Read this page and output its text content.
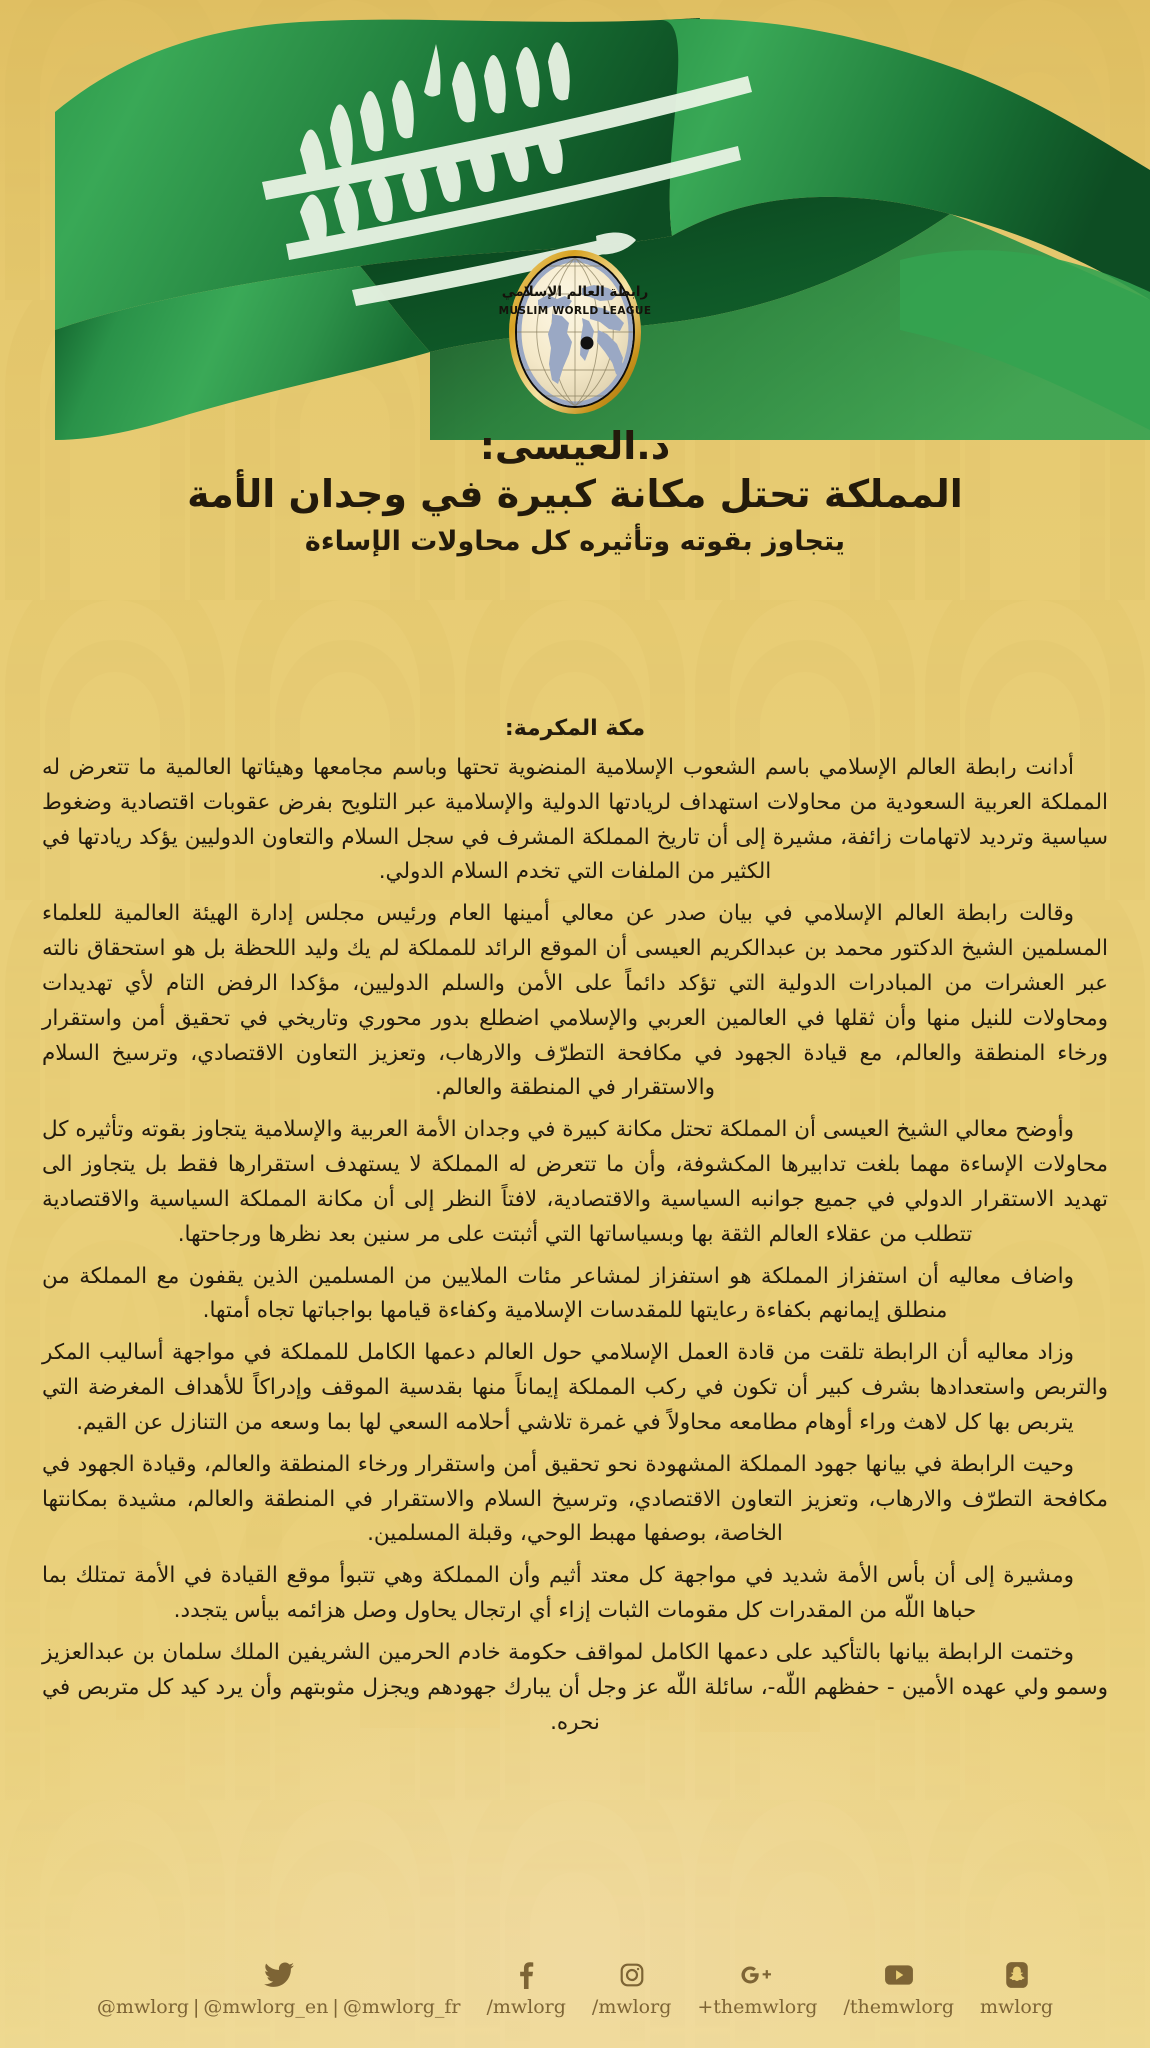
رابطة العالم الإسلامي
MUSLIM WORLD LEAGUE
د.العيسى:
المملكة تحتل مكانة كبيرة في وجدان الأمة
يتجاوز بقوته وتأثيره كل محاولات الإساءة
مكة المكرمة:

أدانت رابطة العالم الإسلامي باسم الشعوب الإسلامية المنضوية تحتها وباسم مجامعها وهيئاتها العالمية ما تتعرض له المملكة العربية السعودية من محاولات استهداف لريادتها الدولية والإسلامية عبر التلويح بفرض عقوبات اقتصادية وضغوط سياسية وترديد لاتهامات زائفة، مشيرة إلى أن تاريخ المملكة المشرف في سجل السلام والتعاون الدوليين يؤكد ريادتها في الكثير من الملفات التي تخدم السلام الدولي.

وقالت رابطة العالم الإسلامي في بيان صدر عن معالي أمينها العام ورئيس مجلس إدارة الهيئة العالمية للعلماء المسلمين الشيخ الدكتور محمد بن عبدالكريم العيسى أن الموقع الرائد للمملكة لم يك وليد اللحظة بل هو استحقاق نالته عبر العشرات من المبادرات الدولية التي تؤكد دائماً على الأمن والسلم الدوليين، مؤكدا الرفض التام لأي تهديدات ومحاولات للنيل منها وأن ثقلها في العالمين العربي والإسلامي اضطلع بدور محوري وتاريخي في تحقيق أمن واستقرار ورخاء المنطقة والعالم، مع قيادة الجهود في مكافحة التطرّف والارهاب، وتعزيز التعاون الاقتصادي، وترسيخ السلام والاستقرار في المنطقة والعالم.

وأوضح معالي الشيخ العيسى أن المملكة تحتل مكانة كبيرة في وجدان الأمة العربية والإسلامية يتجاوز بقوته وتأثيره كل محاولات الإساءة مهما بلغت تدابيرها المكشوفة، وأن ما تتعرض له المملكة لا يستهدف استقرارها فقط بل يتجاوز الى تهديد الاستقرار الدولي في جميع جوانبه السياسية والاقتصادية، لافتاً النظر إلى أن مكانة المملكة السياسية والاقتصادية تتطلب من عقلاء العالم الثقة بها وبسياساتها التي أثبتت على مر سنين بعد نظرها ورجاحتها.

واضاف معاليه أن استفزاز المملكة هو استفزاز لمشاعر مئات الملايين من المسلمين الذين يقفون مع المملكة من منطلق إيمانهم بكفاءة رعايتها للمقدسات الإسلامية وكفاءة قيامها بواجباتها تجاه أمتها.

وزاد معاليه أن الرابطة تلقت من قادة العمل الإسلامي حول العالم دعمها الكامل للمملكة في مواجهة أساليب المكر والتربص واستعدادها بشرف كبير أن تكون في ركب المملكة إيماناً منها بقدسية الموقف وإدراكاً للأهداف المغرضة التي يتربص بها كل لاهث وراء أوهام مطامعه محاولاً في غمرة تلاشي أحلامه السعي لها بما وسعه من التنازل عن القيم.

وحيت الرابطة في بيانها جهود المملكة المشهودة نحو تحقيق أمن واستقرار ورخاء المنطقة والعالم، وقيادة الجهود في مكافحة التطرّف والارهاب، وتعزيز التعاون الاقتصادي، وترسيخ السلام والاستقرار في المنطقة والعالم، مشيدة بمكانتها الخاصة، بوصفها مهبط الوحي، وقبلة المسلمين.

ومشيرة إلى أن بأس الأمة شديد في مواجهة كل معتد أثيم وأن المملكة وهي تتبوأ موقع القيادة في الأمة تمتلك بما حباها اللّه من المقدرات كل مقومات الثبات إزاء أي ارتجال يحاول وصل هزائمه بيأس يتجدد.

وختمت الرابطة بيانها بالتأكيد على دعمها الكامل لمواقف حكومة خادم الحرمين الشريفين الملك سلمان بن عبدالعزيز وسمو ولي عهده الأمين - حفظهم اللّه-، سائلة اللّه عز وجل أن يبارك جهودهم ويجزل مثوبتهم وأن يرد كيد كل متربص في نحره.

@mwlorg | @mwlorg_en | @mwlorg_fr /mwlorg /mwlorg +themwlorg /themwlorg mwlorg
